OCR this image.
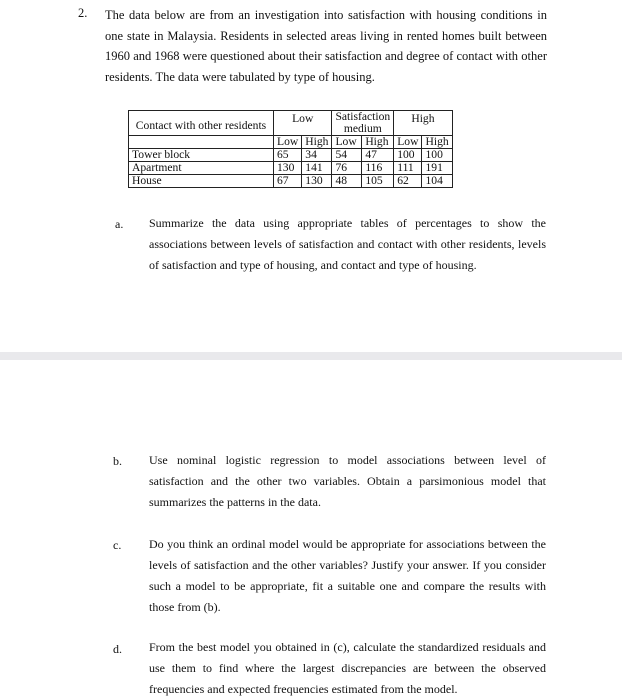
2. The data below are from an investigation into satisfaction with housing conditions in one state in Malaysia. Residents in selected areas living in rented homes built between 1960 and 1968 were questioned about their satisfaction and degree of contact with other residents. The data were tabulated by type of housing.
Contact with other residents	Low		Satisfaction		High	
			medium			
	Low	High	Low	High	Low	High
Tower block	65	34	54	47	100	100
Apartment	130	141	76	116	111	191
House	67	130	48	105	62	104
a. Summarize the data using appropriate tables of percentages to show the associations between levels of satisfaction and contact with other residents, levels of satisfaction and type of housing, and contact and type of housing.
b. Use nominal logistic regression to model associations between level of satisfaction and the other two variables. Obtain a parsimonious model that summarizes the patterns in the data.
c. Do you think an ordinal model would be appropriate for associations between the levels of satisfaction and the other variables? Justify your answer. If you consider such a model to be appropriate, fit a suitable one and compare the results with those from (b).
d. From the best model you obtained in (c), calculate the standardized residuals and use them to find where the largest discrepancies are between the observed frequencies and expected frequencies estimated from the model.
